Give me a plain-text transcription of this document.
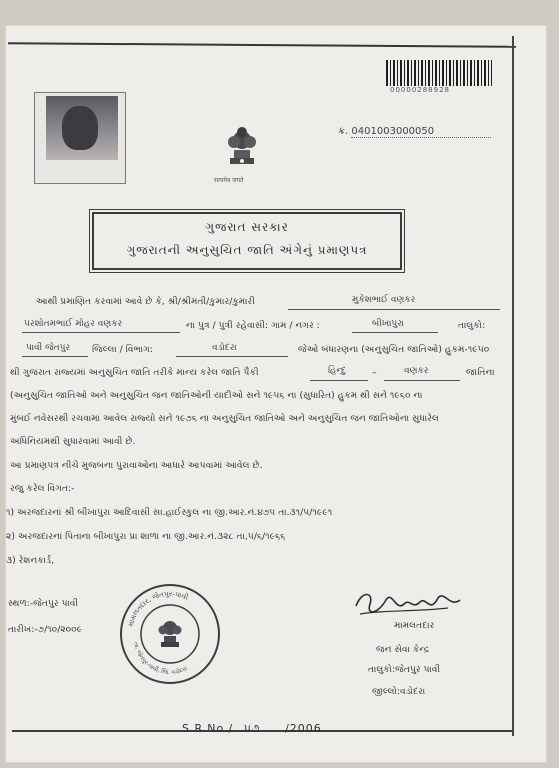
00000288928
ક્ર. 0401003000050
सत्यमेव जयते
ગુજરાત સરકાર
ગુજરાતની અનુસુચિત જાતિ અંગેનું પ્રમાણપત્ર
આથી પ્રમાણિત કરવામાં આવે છે કે, શ્રી/શ્રીમતી/કુમાર/કુમારી	મુકેશભાઈ વણકર
પરશોતમભાઈ મોહર વણકર	ના પુત્ર / પુત્રી રહેવાસી: ગામ / નગર :	બીખાપુરા	તાલુકો:
પાવી જેતપુર જિલ્લા / વિભાગ:	વડોદરા	જેઓ બંધારણના (અનુસુચિત જાતિઓ) હુકમ-૧૯૫૦
થી ગુજરાત રાજ્યમાં અનુસુચિત જાતિ તરીકે માન્ય કરેલ જાતિ પૈકી	હિન્દુ	–	વણકર	જાતિના
(અનુસુચિત જાતિઓ અને અનુસુચિત જન જાતિઓની યાદીઓ સને ૧૯૫૬ ના (સુધારિત) હુકમ થી સને ૧૯૬૦ ના
મુંબઈ નવેસરથી રચવામાં આવેલ રાજ્યો સને ૧૯૭૬ ના અનુસુચિત જાતિઓ અને અનુસુચિત જન જાતિઓના સુધારેલ
અધિનિયમથી સુધારવામાં આવી છે.
આ પ્રમાણપત્ર નીચે મુજબના પુરાવાઓના આધારે આપવામાં આવેલ છે.
રજુ કરેલ વિગત:-
૧) અરજદારનાં શ્રી બીખાપુરા આદિવાસી સા.હાઈસ્કુલ ના જી.આર.નં.૪૭૫ તા.૩૧/૫/૧૯૯૧
૨) અરજદારનાં પિતાના બીખાપુરા પ્રા શાળા ના જી.આર.નં.૩૨૮ તા,૫/૬/૧૯૬૬
૩) રેશનકાર્ડ,
સ્થળ:-જેતપુર પાવી
તારીખ:-૭/૧૦/૨૦૦૯
મામલતદાર, જેતપુર-પાવી
તા. જેતપુર-પાવી, જિ. વડોદરા
મામલતદાર
જન સેવા કેન્દ્ર
તાલુકો:જેતપુર પાવી
જીલ્લો:વડોદરા
S.R.No./ ૫૭ /2006
